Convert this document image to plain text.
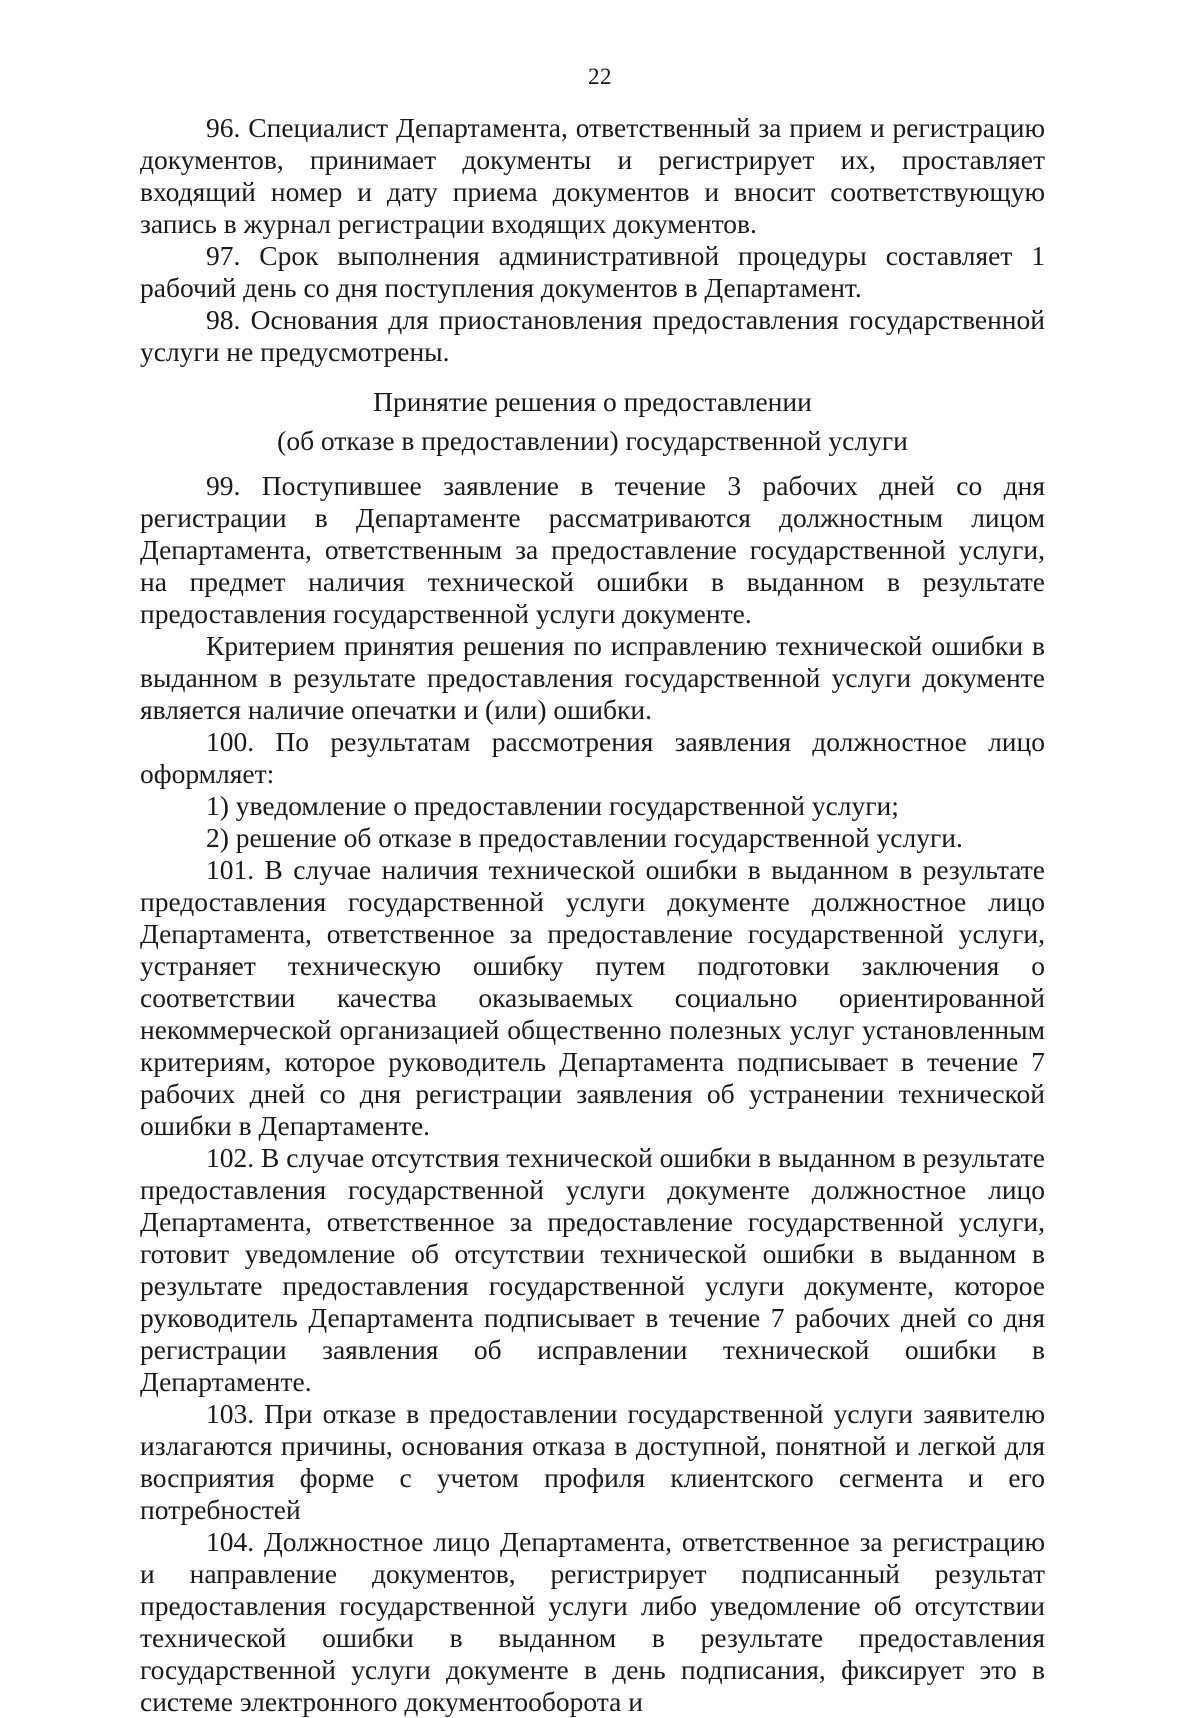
22

96. Специалист Департамента, ответственный за прием и регистрацию документов, принимает документы и регистрирует их, проставляет входящий номер и дату приема документов и вносит соответствующую запись в журнал регистрации входящих документов.

97. Срок выполнения административной процедуры составляет 1 рабочий день со дня поступления документов в Департамент.

98. Основания для приостановления предоставления государственной услуги не предусмотрены.

Принятие решения о предоставлении
(об отказе в предоставлении) государственной услуги

99. Поступившее заявление в течение 3 рабочих дней со дня регистрации в Департаменте рассматриваются должностным лицом Департамента, ответственным за предоставление государственной услуги, на предмет наличия технической ошибки в выданном в результате предоставления государственной услуги документе.

Критерием принятия решения по исправлению технической ошибки в выданном в результате предоставления государственной услуги документе является наличие опечатки и (или) ошибки.

100. По результатам рассмотрения заявления должностное лицо оформляет:

1) уведомление о предоставлении государственной услуги;

2) решение об отказе в предоставлении государственной услуги.

101. В случае наличия технической ошибки в выданном в результате предоставления государственной услуги документе должностное лицо Департамента, ответственное за предоставление государственной услуги, устраняет техническую ошибку путем подготовки заключения о соответствии качества оказываемых социально ориентированной некоммерческой организацией общественно полезных услуг установленным критериям, которое руководитель Департамента подписывает в течение 7 рабочих дней со дня регистрации заявления об устранении технической ошибки в Департаменте.

102. В случае отсутствия технической ошибки в выданном в результате предоставления государственной услуги документе должностное лицо Департамента, ответственное за предоставление государственной услуги, готовит уведомление об отсутствии технической ошибки в выданном в результате предоставления государственной услуги документе, которое руководитель Департамента подписывает в течение 7 рабочих дней со дня регистрации заявления об исправлении технической ошибки в Департаменте.

103. При отказе в предоставлении государственной услуги заявителю излагаются причины, основания отказа в доступной, понятной и легкой для восприятия форме с учетом профиля клиентского сегмента и его потребностей

104. Должностное лицо Департамента, ответственное за регистрацию и направление документов, регистрирует подписанный результат предоставления государственной услуги либо уведомление об отсутствии технической ошибки в выданном в результате предоставления государственной услуги документе в день подписания, фиксирует это в системе электронного документооборота и
